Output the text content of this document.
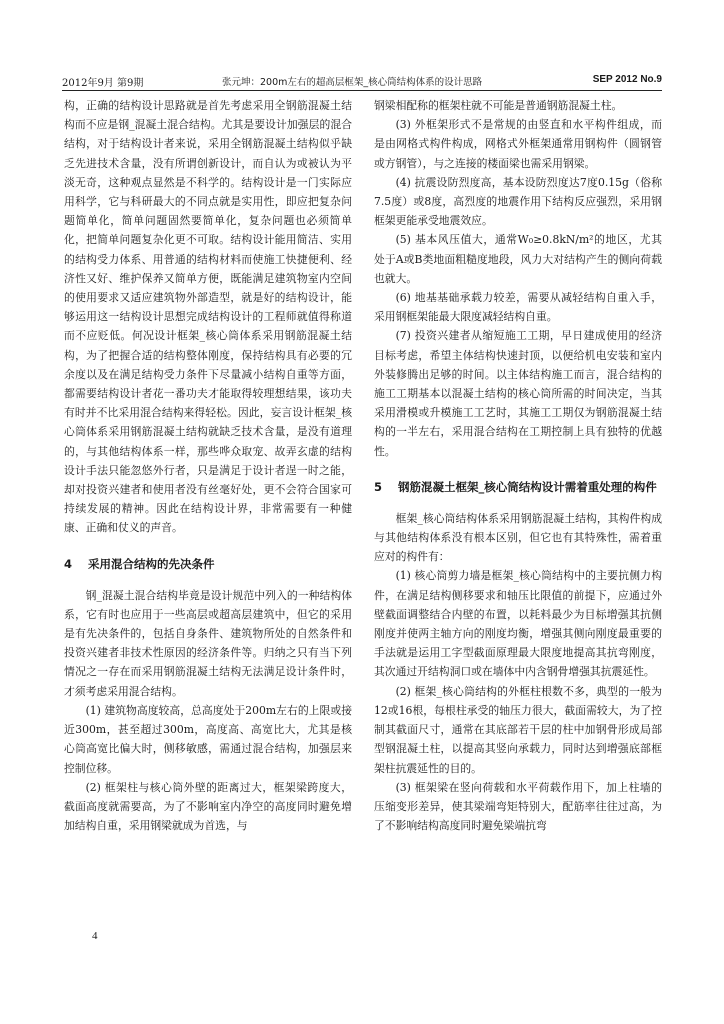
2012年9月 第9期	张元坤：200m左右的超高层框架_核心筒结构体系的设计思路	SEP 2012 No.9

构，正确的结构设计思路就是首先考虑采用全钢筋混凝土结构而不应是钢_混凝土混合结构。尤其是要设计加强层的混合结构，对于结构设计者来说，采用全钢筋混凝土结构似乎缺乏先进技术含量，没有所谓创新设计，而自认为或被认为平淡无奇，这种观点显然是不科学的。结构设计是一门实际应用科学，它与科研最大的不同点就是实用性，即应把复杂问题简单化，简单问题固然要简单化，复杂问题也必须简单化，把简单问题复杂化更不可取。结构设计能用简洁、实用的结构受力体系、用普通的结构材料而使施工快捷便利、经济性又好、维护保养又简单方便，既能满足建筑物室内空间的使用要求又适应建筑物外部造型，就是好的结构设计，能够运用这一结构设计思想完成结构设计的工程师就值得称道而不应贬低。何况设计框架_核心筒体系采用钢筋混凝土结构，为了把握合适的结构整体刚度，保持结构具有必要的冗余度以及在满足结构受力条件下尽量减小结构自重等方面，都需要结构设计者花一番功夫才能取得较理想结果，该功夫有时并不比采用混合结构来得轻松。因此，妄言设计框架_核心筒体系采用钢筋混凝土结构就缺乏技术含量，是没有道理的，与其他结构体系一样，那些哗众取宠、故弄玄虚的结构设计手法只能忽悠外行者，只是满足于设计者逞一时之能，却对投资兴建者和使用者没有丝毫好处，更不会符合国家可持续发展的精神。因此在结构设计界，非常需要有一种健康、正确和仗义的声音。

4 采用混合结构的先决条件

钢_混凝土混合结构毕竟是设计规范中列入的一种结构体系，它有时也应用于一些高层或超高层建筑中，但它的采用是有先决条件的，包括自身条件、建筑物所处的自然条件和投资兴建者非技术性原因的经济条件等。归纳之只有当下列情况之一存在而采用钢筋混凝土结构无法满足设计条件时，才须考虑采用混合结构。

(1) 建筑物高度较高，总高度处于200m左右的上限或接近300m，甚至超过300m，高度高、高宽比大，尤其是核心筒高宽比偏大时，侧移敏感，需通过混合结构，加强层来控制位移。

(2) 框架柱与核心筒外壁的距离过大，框架梁跨度大，截面高度就需要高，为了不影响室内净空的高度同时避免增加结构自重，采用钢梁就成为首选，与

钢梁相配称的框架柱就不可能是普通钢筋混凝土柱。

(3) 外框架形式不是常规的由竖直和水平构件组成，而是由网格式构件构成，网格式外框架通常用钢构件（圆钢管或方钢管），与之连接的楼面梁也需采用钢梁。

(4) 抗震设防烈度高，基本设防烈度达7度0.15g（俗称7.5度）或8度，高烈度的地震作用下结构反应强烈，采用钢框架更能承受地震效应。

(5) 基本风压值大，通常W₀≥0.8kN/m²的地区，尤其处于A或B类地面粗糙度地段，风力大对结构产生的侧向荷载也就大。

(6) 地基基础承载力较差，需要从减轻结构自重入手，采用钢框架能最大限度减轻结构自重。

(7) 投资兴建者从缩短施工工期，早日建成使用的经济目标考虑，希望主体结构快速封顶，以便给机电安装和室内外装修腾出足够的时间。以主体结构施工而言，混合结构的施工工期基本以混凝土结构的核心筒所需的时间决定，当其采用滑模或升模施工工艺时，其施工工期仅为钢筋混凝土结构的一半左右，采用混合结构在工期控制上具有独特的优越性。

5 钢筋混凝土框架_核心筒结构设计需着重处理的构件

框架_核心筒结构体系采用钢筋混凝土结构，其构件构成与其他结构体系没有根本区别，但它也有其特殊性，需着重应对的构件有：

(1) 核心筒剪力墙是框架_核心筒结构中的主要抗侧力构件，在满足结构侧移要求和轴压比限值的前提下，应通过外壁截面调整结合内壁的布置，以耗料最少为目标增强其抗侧刚度并使两主轴方向的刚度均衡，增强其侧向刚度最重要的手法就是运用工字型截面原理最大限度地提高其抗弯刚度，其次通过开结构洞口或在墙体中内含钢骨增强其抗震延性。

(2) 框架_核心筒结构的外框柱根数不多，典型的一般为12或16根，每根柱承受的轴压力很大，截面需较大，为了控制其截面尺寸，通常在其底部若干层的柱中加钢骨形成局部型钢混凝土柱，以提高其竖向承载力，同时达到增强底部框架柱抗震延性的目的。

(3) 框架梁在竖向荷载和水平荷载作用下，加上柱墙的压缩变形差异，使其梁端弯矩特别大，配筋率往往过高，为了不影响结构高度同时避免梁端抗弯

4
